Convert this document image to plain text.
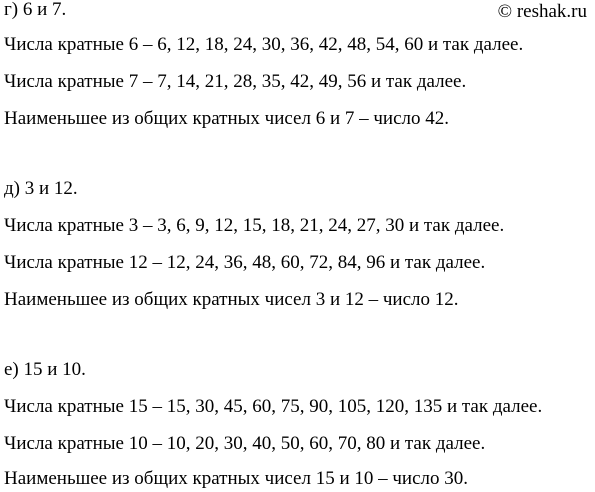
© reshak.ru
г) 6 и 7.
Числа кратные 6 – 6, 12, 18, 24, 30, 36, 42, 48, 54, 60 и так далее.
Числа кратные 7 – 7, 14, 21, 28, 35, 42, 49, 56 и так далее.
Наименьшее из общих кратных чисел 6 и 7 – число 42.
д) 3 и 12.
Числа кратные 3 – 3, 6, 9, 12, 15, 18, 21, 24, 27, 30 и так далее.
Числа кратные 12 – 12, 24, 36, 48, 60, 72, 84, 96 и так далее.
Наименьшее из общих кратных чисел 3 и 12 – число 12.
е) 15 и 10.
Числа кратные 15 – 15, 30, 45, 60, 75, 90, 105, 120, 135 и так далее.
Числа кратные 10 – 10, 20, 30, 40, 50, 60, 70, 80 и так далее.
Наименьшее из общих кратных чисел 15 и 10 – число 30.
